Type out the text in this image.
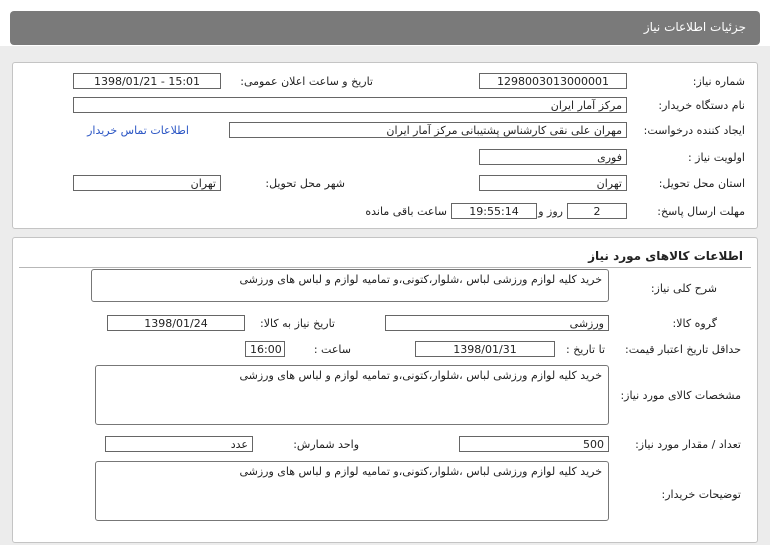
جزئیات اطلاعات نیاز
شماره نیاز:
1298003013000001
تاریخ و ساعت اعلان عمومی:
1398/01/21 - 15:01
نام دستگاه خریدار:
مرکز آمار ایران
ایجاد کننده درخواست:
مهران علی نقی کارشناس پشتیبانی مرکز آمار ایران
اطلاعات تماس خریدار
اولویت نیاز :
فوری
استان محل تحویل:
تهران
شهر محل تحویل:
تهران
مهلت ارسال پاسخ:
2
روز و
19:55:14
ساعت باقی مانده
اطلاعات کالاهای مورد نیاز
شرح کلی نیاز:
خرید کلیه لوازم ورزشی لباس ،شلوار،کتونی،و تمامیه لوازم و لباس های ورزشی
گروه کالا:
ورزشی
تاریخ نیاز به کالا:
1398/01/24
حداقل تاریخ اعتبار قیمت:
تا تاریخ :
1398/01/31
ساعت :
16:00
مشخصات کالای مورد نیاز:
خرید کلیه لوازم ورزشی لباس ،شلوار،کتونی،و تمامیه لوازم و لباس های ورزشی
تعداد / مقدار مورد نیاز:
500
واحد شمارش:
عدد
توضیحات خریدار:
خرید کلیه لوازم ورزشی لباس ،شلوار،کتونی،و تمامیه لوازم و لباس های ورزشی
